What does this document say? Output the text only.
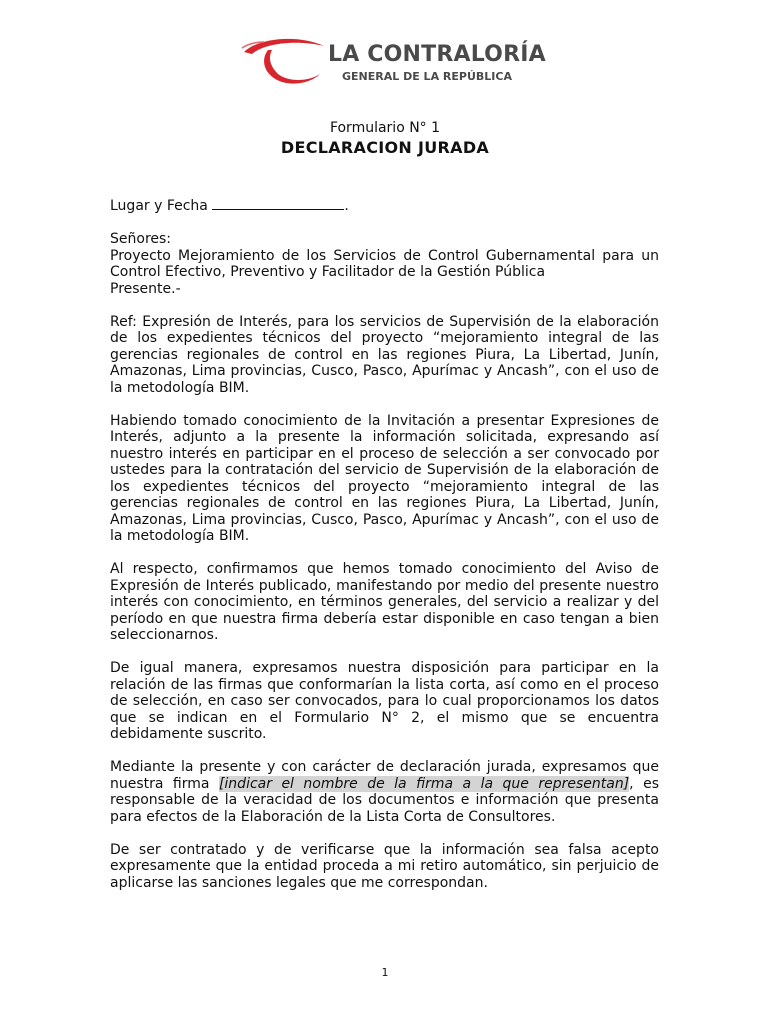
LA CONTRALORÍA
GENERAL DE LA REPÚBLICA
Formulario N° 1
DECLARACION JURADA

Lugar y Fecha	.

Señores:
Proyecto Mejoramiento de los Servicios de Control Gubernamental para un Control Efectivo, Preventivo y Facilitador de la Gestión Pública
Presente.-

Ref: Expresión de Interés, para los servicios de Supervisión de la elaboración de los expedientes técnicos del proyecto “mejoramiento integral de las gerencias regionales de control en las regiones Piura, La Libertad, Junín, Amazonas, Lima provincias, Cusco, Pasco, Apurímac y Ancash”, con el uso de la metodología BIM.

Habiendo tomado conocimiento de la Invitación a presentar Expresiones de Interés, adjunto a la presente la información solicitada, expresando así nuestro interés en participar en el proceso de selección a ser convocado por ustedes para la contratación del servicio de Supervisión de la elaboración de los expedientes técnicos del proyecto “mejoramiento integral de las gerencias regionales de control en las regiones Piura, La Libertad, Junín, Amazonas, Lima provincias, Cusco, Pasco, Apurímac y Ancash”, con el uso de la metodología BIM.

Al respecto, confirmamos que hemos tomado conocimiento del Aviso de Expresión de Interés publicado, manifestando por medio del presente nuestro interés con conocimiento, en términos generales, del servicio a realizar y del período en que nuestra firma debería estar disponible en caso tengan a bien seleccionarnos.

De igual manera, expresamos nuestra disposición para participar en la relación de las firmas que conformarían la lista corta, así como en el proceso de selección, en caso ser convocados, para lo cual proporcionamos los datos que se indican en el Formulario N° 2, el mismo que se encuentra debidamente suscrito.

Mediante la presente y con carácter de declaración jurada, expresamos que nuestra firma [indicar el nombre de la firma a la que representan], es responsable de la veracidad de los documentos e información que presenta para efectos de la Elaboración de la Lista Corta de Consultores.

De ser contratado y de verificarse que la información sea falsa acepto expresamente que la entidad proceda a mi retiro automático, sin perjuicio de aplicarse las sanciones legales que me correspondan.

1
